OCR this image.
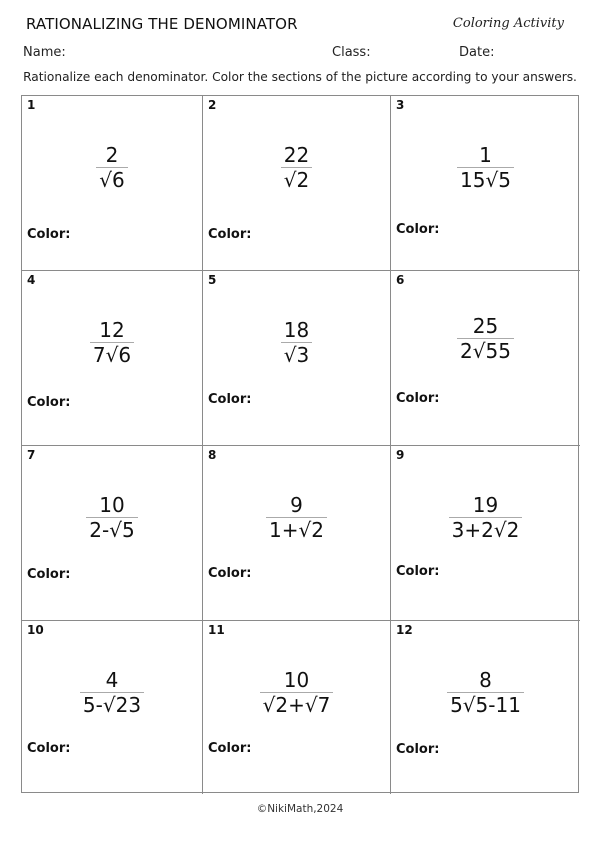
RATIONALIZING THE DENOMINATOR	Coloring Activity
Name:	Class:	Date:
Rationalize each denominator. Color the sections of the picture according to your answers.
1
$\frac{2}{√6}$
Color:
2
$\frac{22}{√2}$
Color:
3
$\frac{1}{15√5}$
Color:
4
$\frac{12}{7√6}$
Color:
5
$\frac{18}{√3}$
Color:
6
$\frac{25}{2√55}$
Color:
7
$\frac{10}{2-√5}$
Color:
8
$\frac{9}{1+√2}$
Color:
9
$\frac{19}{3+2√2}$
Color:
10
$\frac{4}{5-√23}$
Color:
11
$\frac{10}{√2+√7}$
Color:
12
$\frac{8}{5√5-11}$
Color:
©NikiMath,2024
